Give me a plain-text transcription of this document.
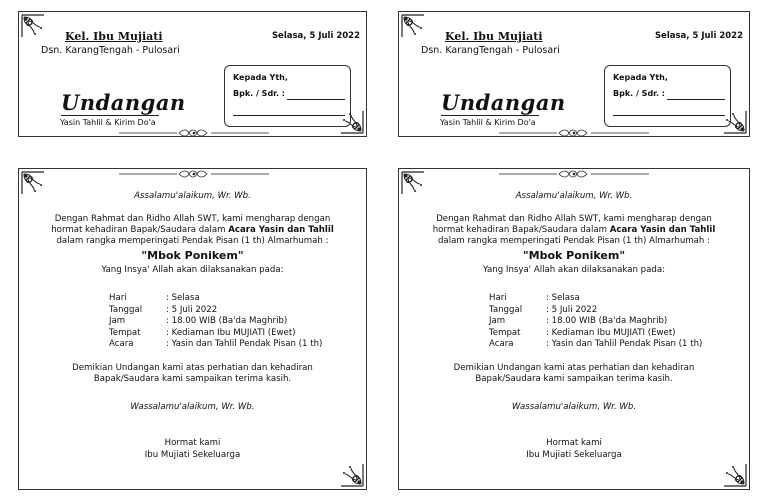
Kel. Ibu Mujiati
Dsn. KarangTengah - Pulosari
Selasa, 5 Juli 2022
Undangan
Yasin Tahlil & Kirim Do'a
Kepada Yth,
Bpk. / Sdr. :
Kel. Ibu Mujiati
Dsn. KarangTengah - Pulosari
Selasa, 5 Juli 2022
Undangan
Yasin Tahlil & Kirim Do'a
Kepada Yth,
Bpk. / Sdr. :
Assalamu'alaikum, Wr. Wb.
Dengan Rahmat dan Ridho Allah SWT, kami mengharap dengan
hormat kehadiran Bapak/Saudara dalam Acara Yasin dan Tahlil
dalam rangka memperingati Pendak Pisan (1 th) Almarhumah :
"Mbok Ponikem"
Yang Insya' Allah akan dilaksanakan pada:
Hari	: Selasa
Tanggal	: 5 Juli 2022
Jam	: 18.00 WIB (Ba'da Maghrib)
Tempat	: Kediaman Ibu MUJIATI (Ewet)
Acara	: Yasin dan Tahlil Pendak Pisan (1 th)
Demikian Undangan kami atas perhatian dan kehadiran
Bapak/Saudara kami sampaikan terima kasih.
Wassalamu'alaikum, Wr. Wb.
Hormat kami
Ibu Mujiati Sekeluarga
Assalamu'alaikum, Wr. Wb.
Dengan Rahmat dan Ridho Allah SWT, kami mengharap dengan
hormat kehadiran Bapak/Saudara dalam Acara Yasin dan Tahlil
dalam rangka memperingati Pendak Pisan (1 th) Almarhumah :
"Mbok Ponikem"
Yang Insya' Allah akan dilaksanakan pada:
Hari	: Selasa
Tanggal	: 5 Juli 2022
Jam	: 18.00 WIB (Ba'da Maghrib)
Tempat	: Kediaman Ibu MUJIATI (Ewet)
Acara	: Yasin dan Tahlil Pendak Pisan (1 th)
Demikian Undangan kami atas perhatian dan kehadiran
Bapak/Saudara kami sampaikan terima kasih.
Wassalamu'alaikum, Wr. Wb.
Hormat kami
Ibu Mujiati Sekeluarga
